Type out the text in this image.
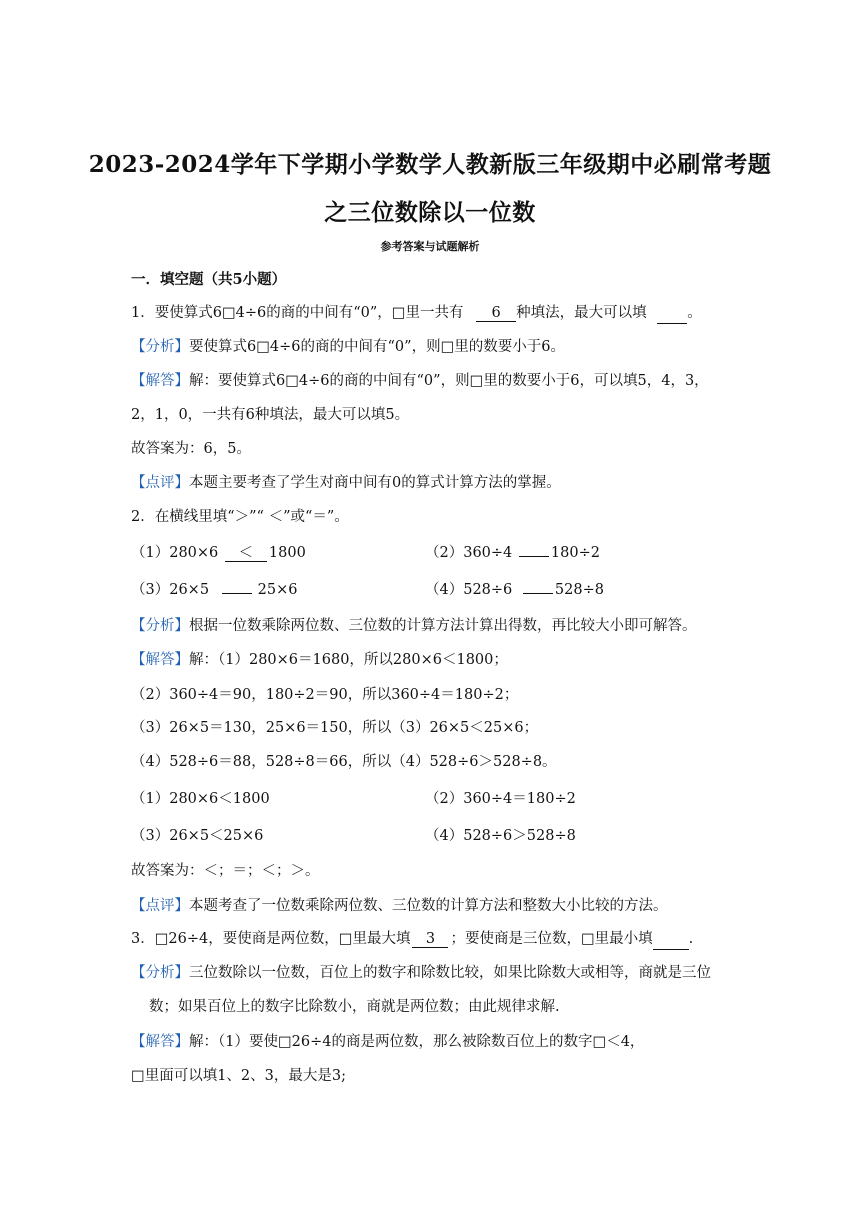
2023-2024学年下学期小学数学人教新版三年级期中必刷常考题
之三位数除以一位数
参考答案与试题解析
一．填空题（共5小题）
1．要使算式6□4÷6的商的中间有“0”，□里一共有 6 种填法，最大可以填	。
【分析】要使算式6□4÷6的商的中间有“0”，则□里的数要小于6。
【解答】解：要使算式6□4÷6的商的中间有“0”，则□里的数要小于6，可以填5，4，3，
2，1，0，一共有6种填法，最大可以填5。
故答案为：6，5。
【点评】本题主要考查了学生对商中间有0的算式计算方法的掌握。
2．在横线里填“＞”“ ＜”或“＝”。
（1）280×6 ＜ 1800	（2）360÷4	180÷2
（3）26×5	25×6	（4）528÷6	528÷8
【分析】根据一位数乘除两位数、三位数的计算方法计算出得数，再比较大小即可解答。
【解答】解：（1）280×6＝1680，所以280×6＜1800；
（2）360÷4＝90，180÷2＝90，所以360÷4＝180÷2；
（3）26×5＝130，25×6＝150，所以（3）26×5＜25×6；
（4）528÷6＝88，528÷8＝66，所以（4）528÷6＞528÷8。
（1）280×6＜1800	（2）360÷4＝180÷2
（3）26×5＜25×6	（4）528÷6＞528÷8
故答案为：＜；＝；＜；＞。
【点评】本题考查了一位数乘除两位数、三位数的计算方法和整数大小比较的方法。
3．□26÷4，要使商是两位数，□里最大填 3 ；要使商是三位数，□里最小填 .
【分析】三位数除以一位数，百位上的数字和除数比较，如果比除数大或相等，商就是三位
数；如果百位上的数字比除数小，商就是两位数；由此规律求解.
【解答】解：（1）要使□26÷4的商是两位数，那么被除数百位上的数字□＜4，
□里面可以填1、2、3，最大是3;
